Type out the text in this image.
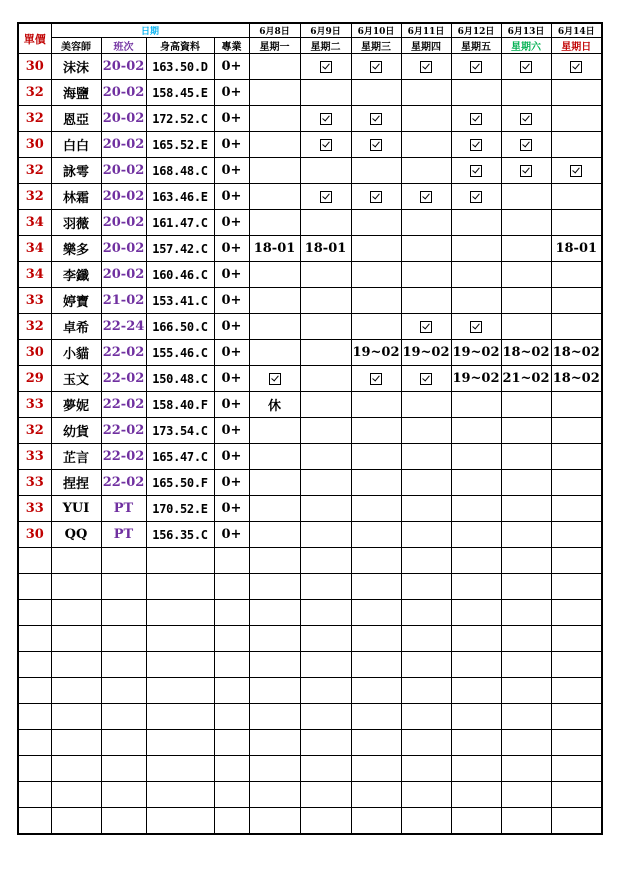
單價	日期				6月8日	6月9日	6月10日	6月11日	6月12日	6月13日	6月14日
	美容師	班次	身高資料	專業	星期一	星期二	星期三	星期四	星期五	星期六	星期日
30	沫沫	20-02	163.50.D	0+							
32	海鹽	20-02	158.45.E	0+							
32	恩亞	20-02	172.52.C	0+							
30	白白	20-02	165.52.E	0+							
32	詠雩	20-02	168.48.C	0+							
32	林霜	20-02	163.46.E	0+							
34	羽薇	20-02	161.47.C	0+							
34	樂多	20-02	157.42.C	0+	18-01	18-01					18-01
34	李鑯	20-02	160.46.C	0+							
33	婷寶	21-02	153.41.C	0+							
32	卓希	22-24	166.50.C	0+							
30	小貓	22-02	155.46.C	0+			19~02	19~02	19~02	18~02	18~02
29	玉文	22-02	150.48.C	0+					19~02	21~02	18~02
33	夢妮	22-02	158.40.F	0+	休						
32	幼貨	22-02	173.54.C	0+							
33	芷言	22-02	165.47.C	0+							
33	捏捏	22-02	165.50.F	0+							
33	YUI	PT	170.52.E	0+							
30	QQ	PT	156.35.C	0+							
